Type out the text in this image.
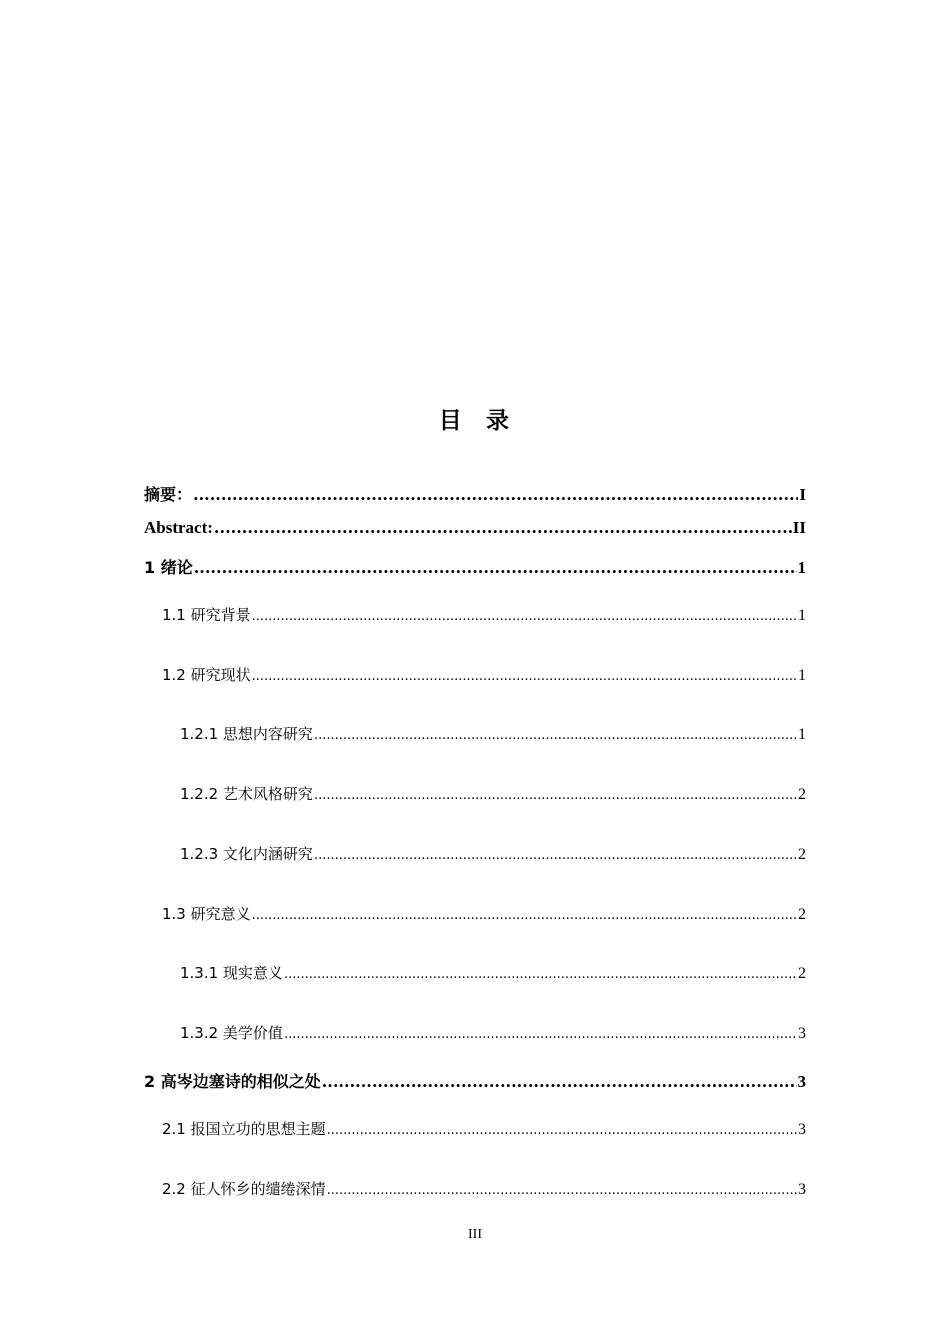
目 录
摘要： .....	I
Abstract: .....	II
1 绪论 .....	1
1.1 研究背景 .....	1
1.2 研究现状 .....	1
1.2.1 思想内容研究 .....	1
1.2.2 艺术风格研究 .....	2
1.2.3 文化内涵研究 .....	2
1.3 研究意义 .....	2
1.3.1 现实意义 .....	2
1.3.2 美学价值 .....	3
2 高岑边塞诗的相似之处 .....	3
2.1 报国立功的思想主题 .....	3
2.2 征人怀乡的缱绻深情 .....	3
III
